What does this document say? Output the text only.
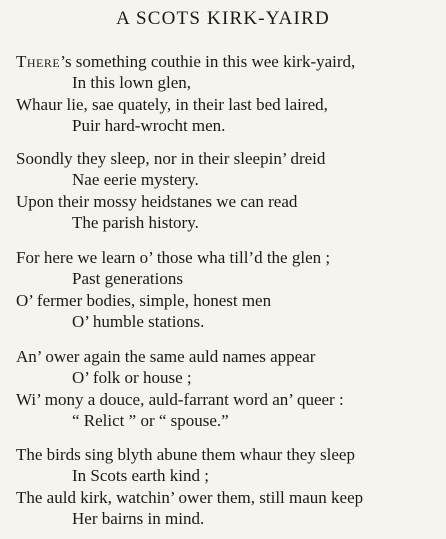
A SCOTS KIRK-YAIRD
There’s something couthie in this wee kirk-yaird,
In this lown glen,
Whaur lie, sae quately, in their last bed laired,
Puir hard-wrocht men.
Soondly they sleep, nor in their sleepin’ dreid
Nae eerie mystery.
Upon their mossy heidstanes we can read
The parish history.
For here we learn o’ those wha till’d the glen ;
Past generations
O’ fermer bodies, simple, honest men
O’ humble stations.
An’ ower again the same auld names appear
O’ folk or house ;
Wi’ mony a douce, auld-farrant word an’ queer :
“ Relict ” or “ spouse.”
The birds sing blyth abune them whaur they sleep
In Scots earth kind ;
The auld kirk, watchin’ ower them, still maun keep
Her bairns in mind.
